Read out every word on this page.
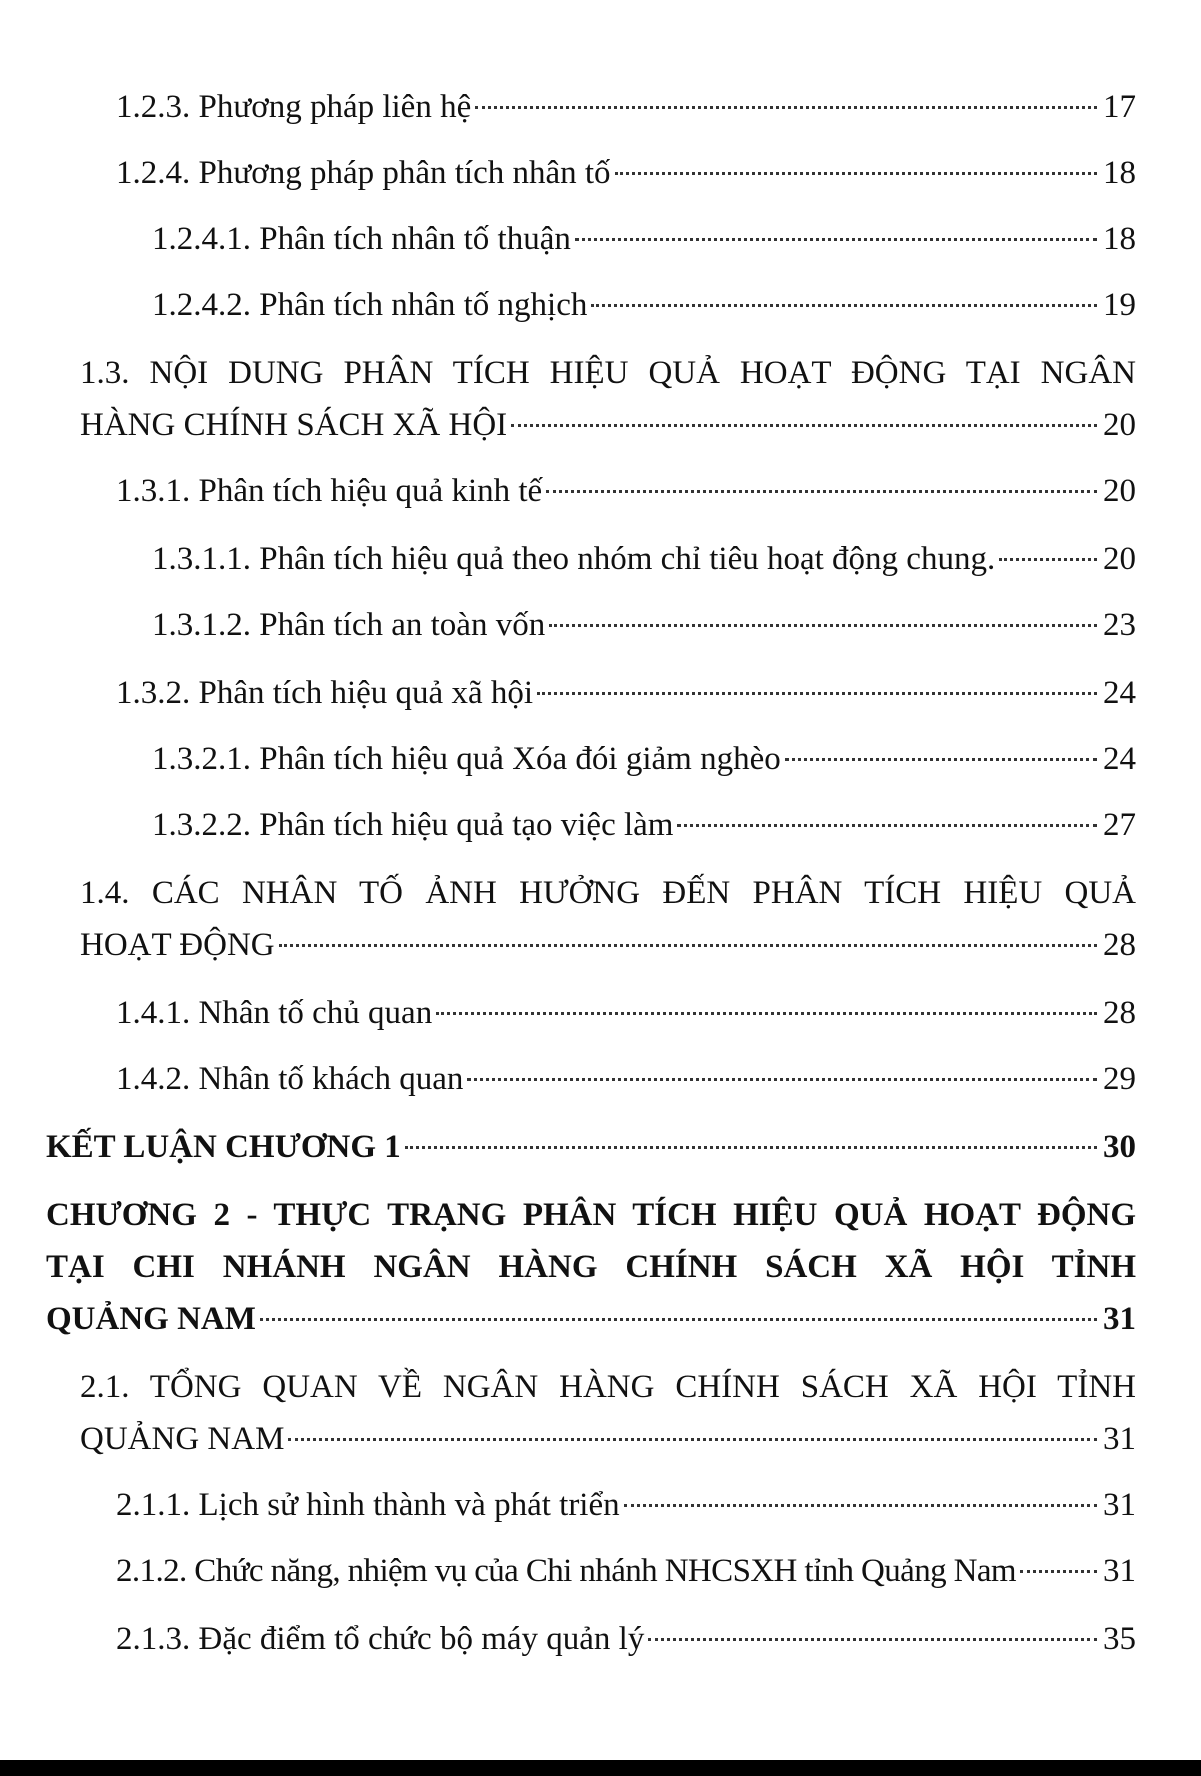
1.2.3. Phương pháp liên hệ	17
1.2.4. Phương pháp phân tích nhân tố	18
1.2.4.1. Phân tích nhân tố thuận	18
1.2.4.2. Phân tích nhân tố nghịch	19
1.3. NỘI DUNG PHÂN TÍCH HIỆU QUẢ HOẠT ĐỘNG TẠI NGÂN
HÀNG CHÍNH SÁCH XÃ HỘI	20
1.3.1. Phân tích hiệu quả kinh tế	20
1.3.1.1. Phân tích hiệu quả theo nhóm chỉ tiêu hoạt động chung.	20
1.3.1.2. Phân tích an toàn vốn	23
1.3.2. Phân tích hiệu quả xã hội	24
1.3.2.1. Phân tích hiệu quả Xóa đói giảm nghèo	24
1.3.2.2. Phân tích hiệu quả tạo việc làm	27
1.4. CÁC NHÂN TỐ ẢNH HƯỞNG ĐẾN PHÂN TÍCH HIỆU QUẢ
HOẠT ĐỘNG	28
1.4.1. Nhân tố chủ quan	28
1.4.2. Nhân tố khách quan	29
KẾT LUẬN CHƯƠNG 1	30
CHƯƠNG 2 - THỰC TRẠNG PHÂN TÍCH HIỆU QUẢ HOẠT ĐỘNG
TẠI CHI NHÁNH NGÂN HÀNG CHÍNH SÁCH XÃ HỘI TỈNH
QUẢNG NAM	31
2.1. TỔNG QUAN VỀ NGÂN HÀNG CHÍNH SÁCH XÃ HỘI TỈNH
QUẢNG NAM	31
2.1.1. Lịch sử hình thành và phát triển	31
2.1.2. Chức năng, nhiệm vụ của Chi nhánh NHCSXH tỉnh Quảng Nam	31
2.1.3. Đặc điểm tổ chức bộ máy quản lý	35
